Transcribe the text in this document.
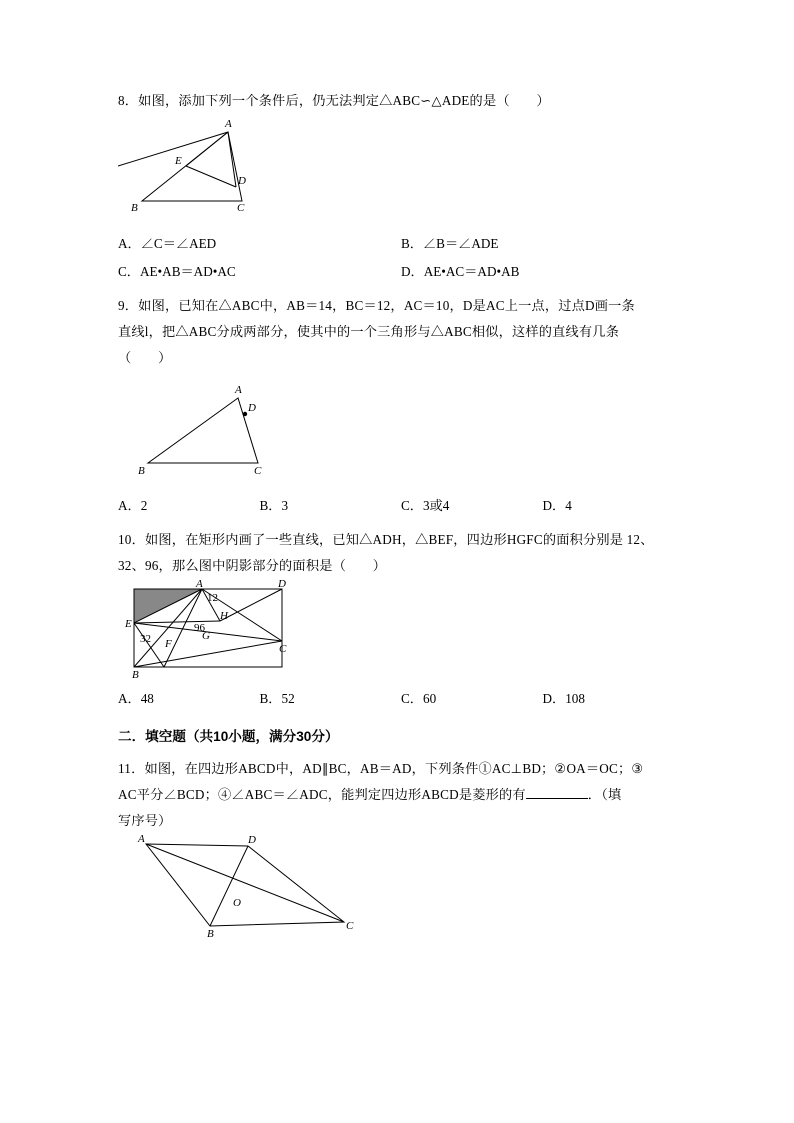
8．如图，添加下列一个条件后，仍无法判定△ABC∽△ADE的是（　　）
A
E
D
B	C
A．∠C＝∠AED	B．∠B＝∠ADE
C．AE•AB＝AD•AC	D．AE•AC＝AD•AB
9．如图，已知在△ABC中，AB＝14，BC＝12，AC＝10，D是AC上一点，过点D画一条
直线l，把△ABC分成两部分，使其中的一个三角形与△ABC相似，这样的直线有几条
（　　）
A
D
B	C
A．2	B．3	C．3或4	D．4
10．如图，在矩形内画了一些直线，已知△ADH，△BEF，四边形HGFC的面积分别是 12、
32、96，那么图中阴影部分的面积是（　　）
A	D
E
H
G
F
B
C
12
32
96
A．48	B．52	C．60	D．108
二．填空题（共10小题，满分30分）
11．如图，在四边形ABCD中，AD∥BC，AB＝AD，下列条件①AC⊥BD；②OA＝OC；③
AC平分∠BCD；④∠ABC＝∠ADC，能判定四边形ABCD是菱形的有	．（填
写序号）
A	D
O
B
C
